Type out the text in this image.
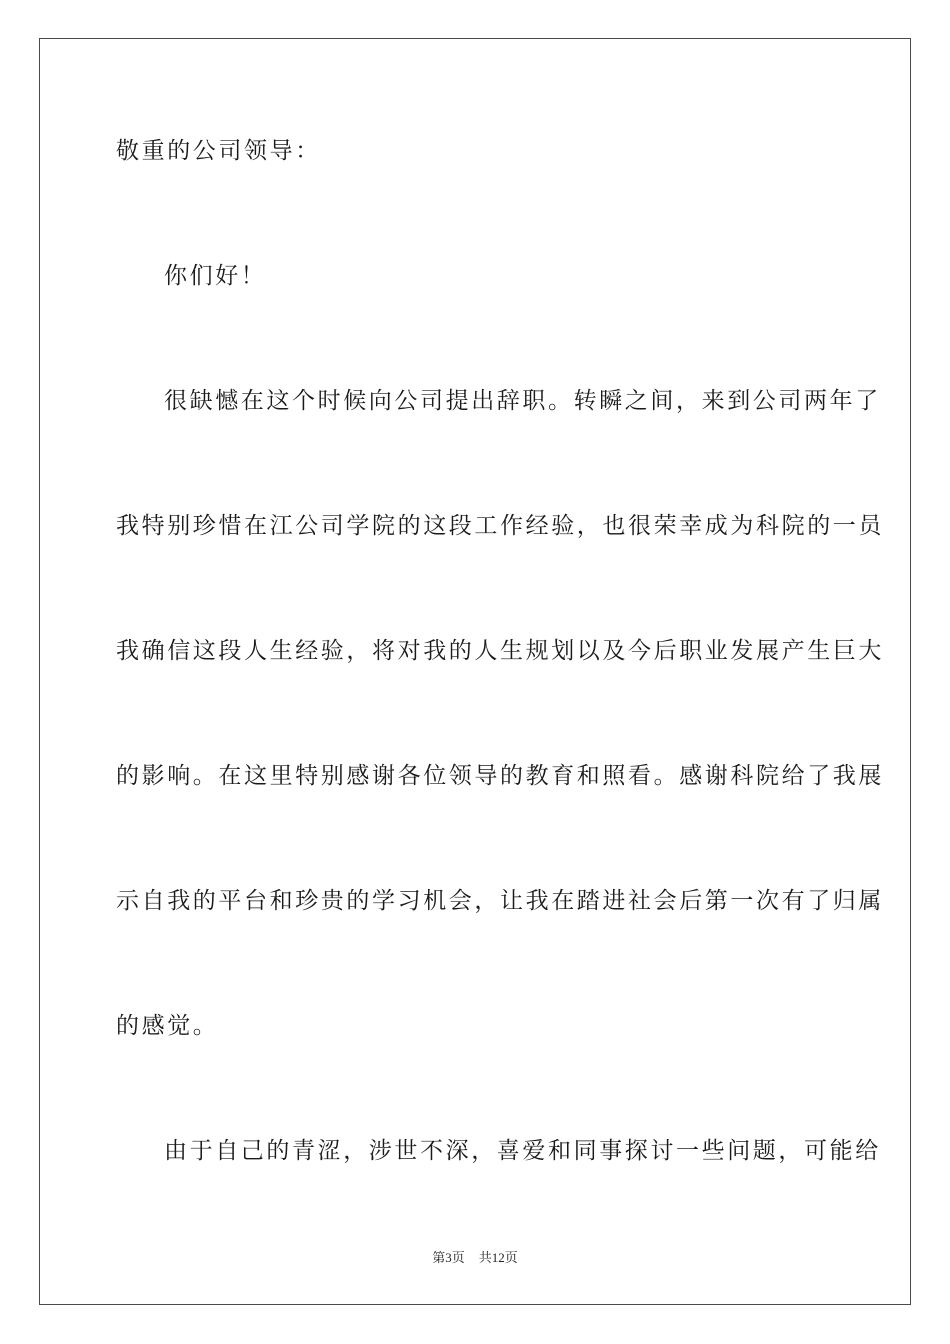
敬重的公司领导：
你们好！
很缺憾在这个时候向公司提出辞职。转瞬之间，来到公司两年了
我特别珍惜在江公司学院的这段工作经验，也很荣幸成为科院的一员
我确信这段人生经验，将对我的人生规划以及今后职业发展产生巨大
的影响。在这里特别感谢各位领导的教育和照看。感谢科院给了我展
示自我的平台和珍贵的学习机会，让我在踏进社会后第一次有了归属
的感觉。
由于自己的青涩，涉世不深，喜爱和同事探讨一些问题，可能给
第3页 共12页
